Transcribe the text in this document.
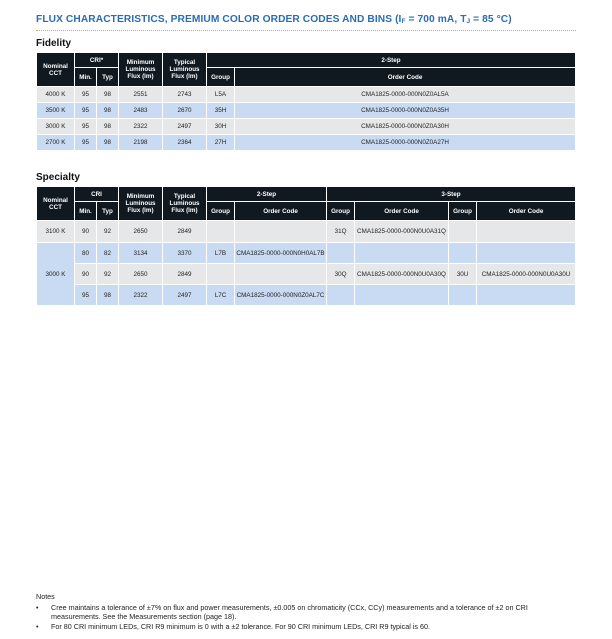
FLUX CHARACTERISTICS, PREMIUM COLOR ORDER CODES AND BINS ($I_F = 700$ mA, $T_J = 85$ °C)
Fidelity
Nominal CCT	CRI*		Minimum Luminous Flux (lm)	Typical Luminous Flux (lm)	2-Step	
	Min.	Typ			Group	Order Code
4000 K	95	98	2551	2743	L5A	CMA1825-0000-000N0Z0AL5A
3500 K	95	98	2483	2670	35H	CMA1825-0000-000N0Z0A35H
3000 K	95	98	2322	2497	30H	CMA1825-0000-000N0Z0A30H
2700 K	95	98	2198	2364	27H	CMA1825-0000-000N0Z0A27H
Specialty
Nominal CCT	CRI		Minimum Luminous Flux (lm)	Typical Luminous Flux (lm)	2-Step		3-Step			
	Min.	Typ			Group	Order Code	Group	Order Code	Group	Order Code
3100 K	90	92	2650	2849			31Q	CMA1825-0000-000N0U0A31Q		
3000 K	80	82	3134	3370	L7B	CMA1825-0000-000N0H0AL7B				
	90	92	2650	2849			30Q	CMA1825-0000-000N0U0A30Q	30U	CMA1825-0000-000N0U0A30U
	95	98	2322	2497	L7C	CMA1825-0000-000N0Z0AL7C				
Notes
• Cree maintains a tolerance of ±7% on flux and power measurements, ±0.005 on chromaticity (CCx, CCy) measurements and a tolerance of ±2 on CRI measurements. See the Measurements section (page 18).
• For 80 CRI minimum LEDs, CRI R9 minimum is 0 with a ±2 tolerance. For 90 CRI minimum LEDs, CRI R9 typical is 60.
